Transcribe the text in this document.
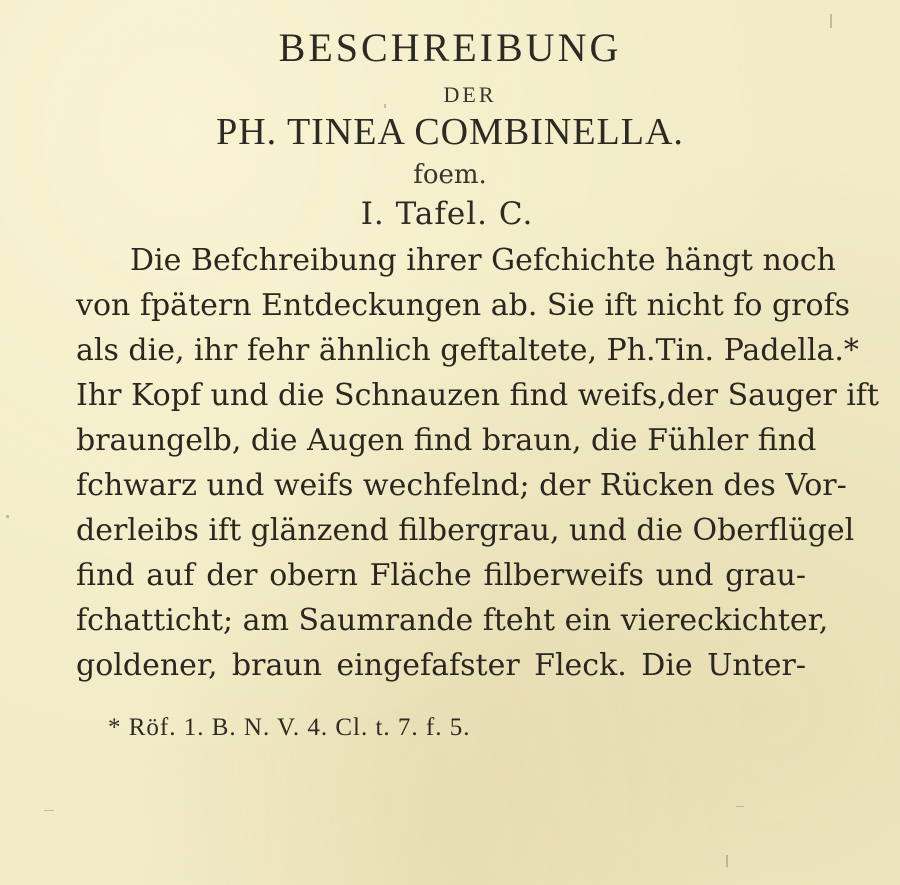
BESCHREIBUNG
DER
PH. TINEA COMBINELLA.
foem.
I. Tafel. C.
Die Befchreibung ihrer Gefchichte hängt noch
von fpätern Entdeckungen ab. Sie ift nicht fo grofs
als die, ihr fehr ähnlich geftaltete, Ph.Tin. Padella.*
Ihr Kopf und die Schnauzen find weifs,der Sauger ift
braungelb, die Augen find braun, die Fühler find
fchwarz und weifs wechfelnd; der Rücken des Vor-
derleibs ift glänzend filbergrau, und die Oberflügel
find auf der obern Fläche filberweifs und grau-
fchatticht; am Saumrande fteht ein viereckichter,
goldener, braun eingefafster Fleck. Die Unter-
* Röf. 1. B. N. V. 4. Cl. t. 7. f. 5.
